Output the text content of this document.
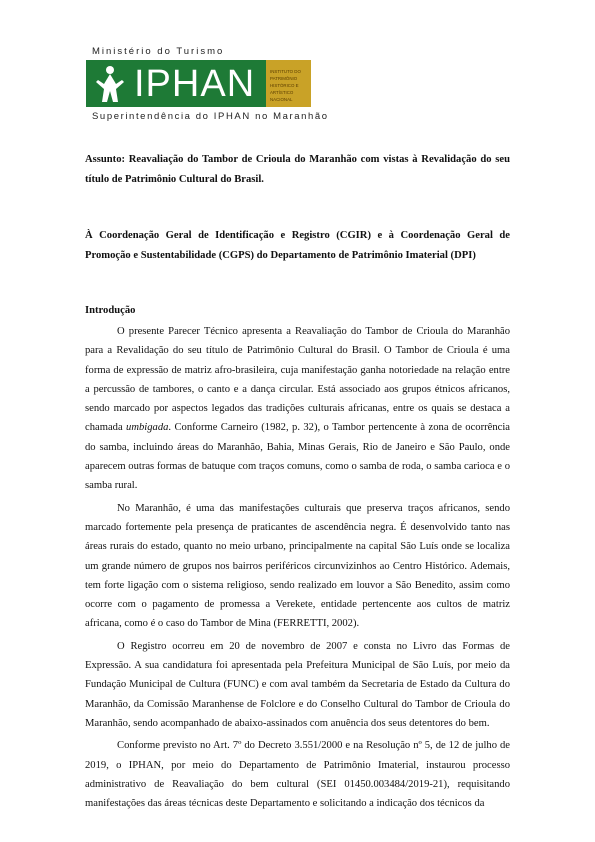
Ministério do Turismo
IPHAN	INSTITUTO DO
PATRIMÔNIO
HISTÓRICO E
ARTÍSTICO
NACIONAL
Superintendência do IPHAN no Maranhão
Assunto: Reavaliação do Tambor de Crioula do Maranhão com vistas à Revalidação do seu título de Patrimônio Cultural do Brasil.
À Coordenação Geral de Identificação e Registro (CGIR) e à Coordenação Geral de Promoção e Sustentabilidade (CGPS) do Departamento de Patrimônio Imaterial (DPI)
Introdução

O presente Parecer Técnico apresenta a Reavaliação do Tambor de Crioula do Maranhão para a Revalidação do seu título de Patrimônio Cultural do Brasil. O Tambor de Crioula é uma forma de expressão de matriz afro-brasileira, cuja manifestação ganha notoriedade na relação entre a percussão de tambores, o canto e a dança circular. Está associado aos grupos étnicos africanos, sendo marcado por aspectos legados das tradições culturais africanas, entre os quais se destaca a chamada umbigada. Conforme Carneiro (1982, p. 32), o Tambor pertencente à zona de ocorrência do samba, incluindo áreas do Maranhão, Bahia, Minas Gerais, Rio de Janeiro e São Paulo, onde aparecem outras formas de batuque com traços comuns, como o samba de roda, o samba carioca e o samba rural.

No Maranhão, é uma das manifestações culturais que preserva traços africanos, sendo marcado fortemente pela presença de praticantes de ascendência negra. É desenvolvido tanto nas áreas rurais do estado, quanto no meio urbano, principalmente na capital São Luís onde se localiza um grande número de grupos nos bairros periféricos circunvizinhos ao Centro Histórico. Ademais, tem forte ligação com o sistema religioso, sendo realizado em louvor a São Benedito, assim como ocorre com o pagamento de promessa a Verekete, entidade pertencente aos cultos de matriz africana, como é o caso do Tambor de Mina (FERRETTI, 2002).

O Registro ocorreu em 20 de novembro de 2007 e consta no Livro das Formas de Expressão. A sua candidatura foi apresentada pela Prefeitura Municipal de São Luís, por meio da Fundação Municipal de Cultura (FUNC) e com aval também da Secretaria de Estado da Cultura do Maranhão, da Comissão Maranhense de Folclore e do Conselho Cultural do Tambor de Crioula do Maranhão, sendo acompanhado de abaixo-assinados com anuência dos seus detentores do bem.

Conforme previsto no Art. 7º do Decreto 3.551/2000 e na Resolução nº 5, de 12 de julho de 2019, o IPHAN, por meio do Departamento de Patrimônio Imaterial, instaurou processo administrativo de Reavaliação do bem cultural (SEI 01450.003484/2019-21), requisitando manifestações das áreas técnicas deste Departamento e solicitando a indicação dos técnicos da
